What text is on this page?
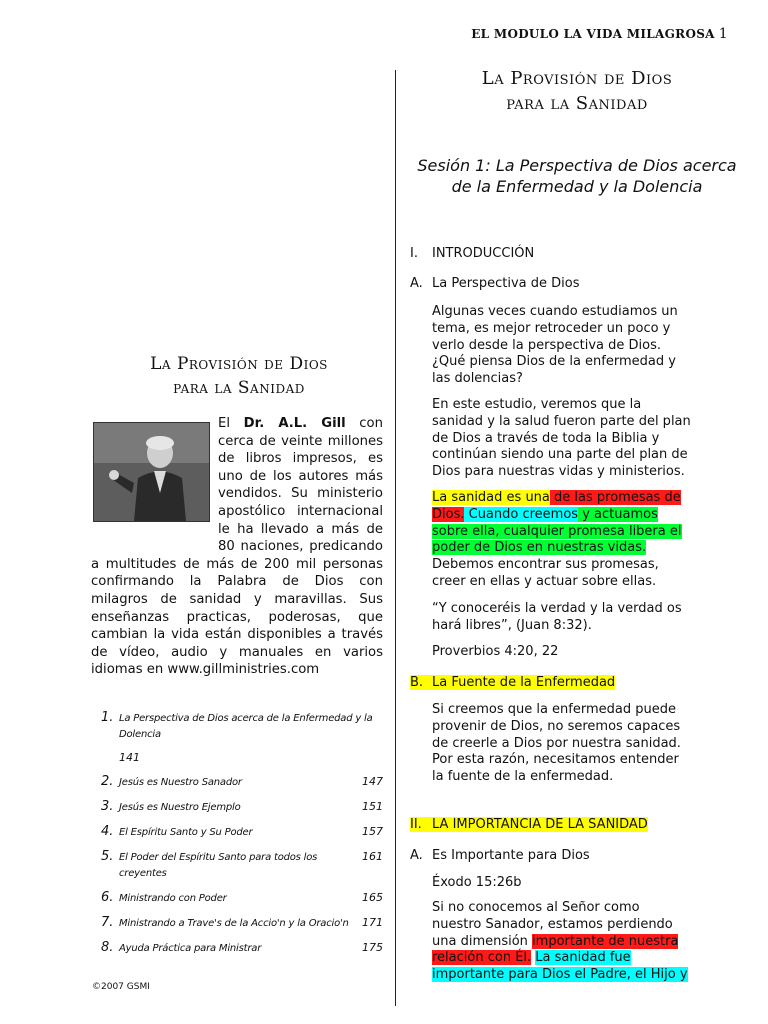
EL MODULO LA VIDA MILAGROSA 1
La Provisión de Dios
para la Sanidad
El Dr. A.L. Gill con cerca de veinte millones de libros impresos, es uno de los autores más vendidos. Su ministerio apostólico internacional le ha llevado a más de 80 naciones, predicando a multitudes de más de 200 mil personas confirmando la Palabra de Dios con milagros de sanidad y maravillas. Sus enseñanzas practicas, poderosas, que cambian la vida están disponibles a través de vídeo, audio y manuales en varios idiomas en www.gillministries.com
1. La Perspectiva de Dios acerca de la Enfermedad y la Dolencia
141
2. Jesús es Nuestro Sanador	147
3. Jesús es Nuestro Ejemplo	151
4. El Espíritu Santo y Su Poder	157
5. El Poder del Espíritu Santo para todos los creyentes
161
6. Ministrando con Poder	165
7. Ministrando a Trave's de la Accio'n y la Oracio'n	171
8. Ayuda Práctica para Ministrar	175
©2007 GSMI
La Provisión de Dios
para la Sanidad
Sesión 1: La Perspectiva de Dios acerca de la Enfermedad y la Dolencia
I. INTRODUCCIÓN
A. La Perspectiva de Dios
Algunas veces cuando estudiamos un tema, es mejor retroceder un poco y verlo desde la perspectiva de Dios. ¿Qué piensa Dios de la enfermedad y las dolencias?
En este estudio, veremos que la sanidad y la salud fueron parte del plan de Dios a través de toda la Biblia y continúan siendo una parte del plan de Dios para nuestras vidas y ministerios.
La sanidad es una de las promesas de Dios. Cuando creemos y actuamos sobre ella, cualquier promesa libera el poder de Dios en nuestras vidas. Debemos encontrar sus promesas, creer en ellas y actuar sobre ellas.
“Y conoceréis la verdad y la verdad os hará libres”, (Juan 8:32).
Proverbios 4:20, 22
B. La Fuente de la Enfermedad
Si creemos que la enfermedad puede provenir de Dios, no seremos capaces de creerle a Dios por nuestra sanidad. Por esta razón, necesitamos entender la fuente de la enfermedad.
II. LA IMPORTANCIA DE LA SANIDAD
A. Es Importante para Dios
Éxodo 15:26b
Si no conocemos al Señor como nuestro Sanador, estamos perdiendo una dimensión importante de nuestra relación con Él. La sanidad fue importante para Dios el Padre, el Hijo y
